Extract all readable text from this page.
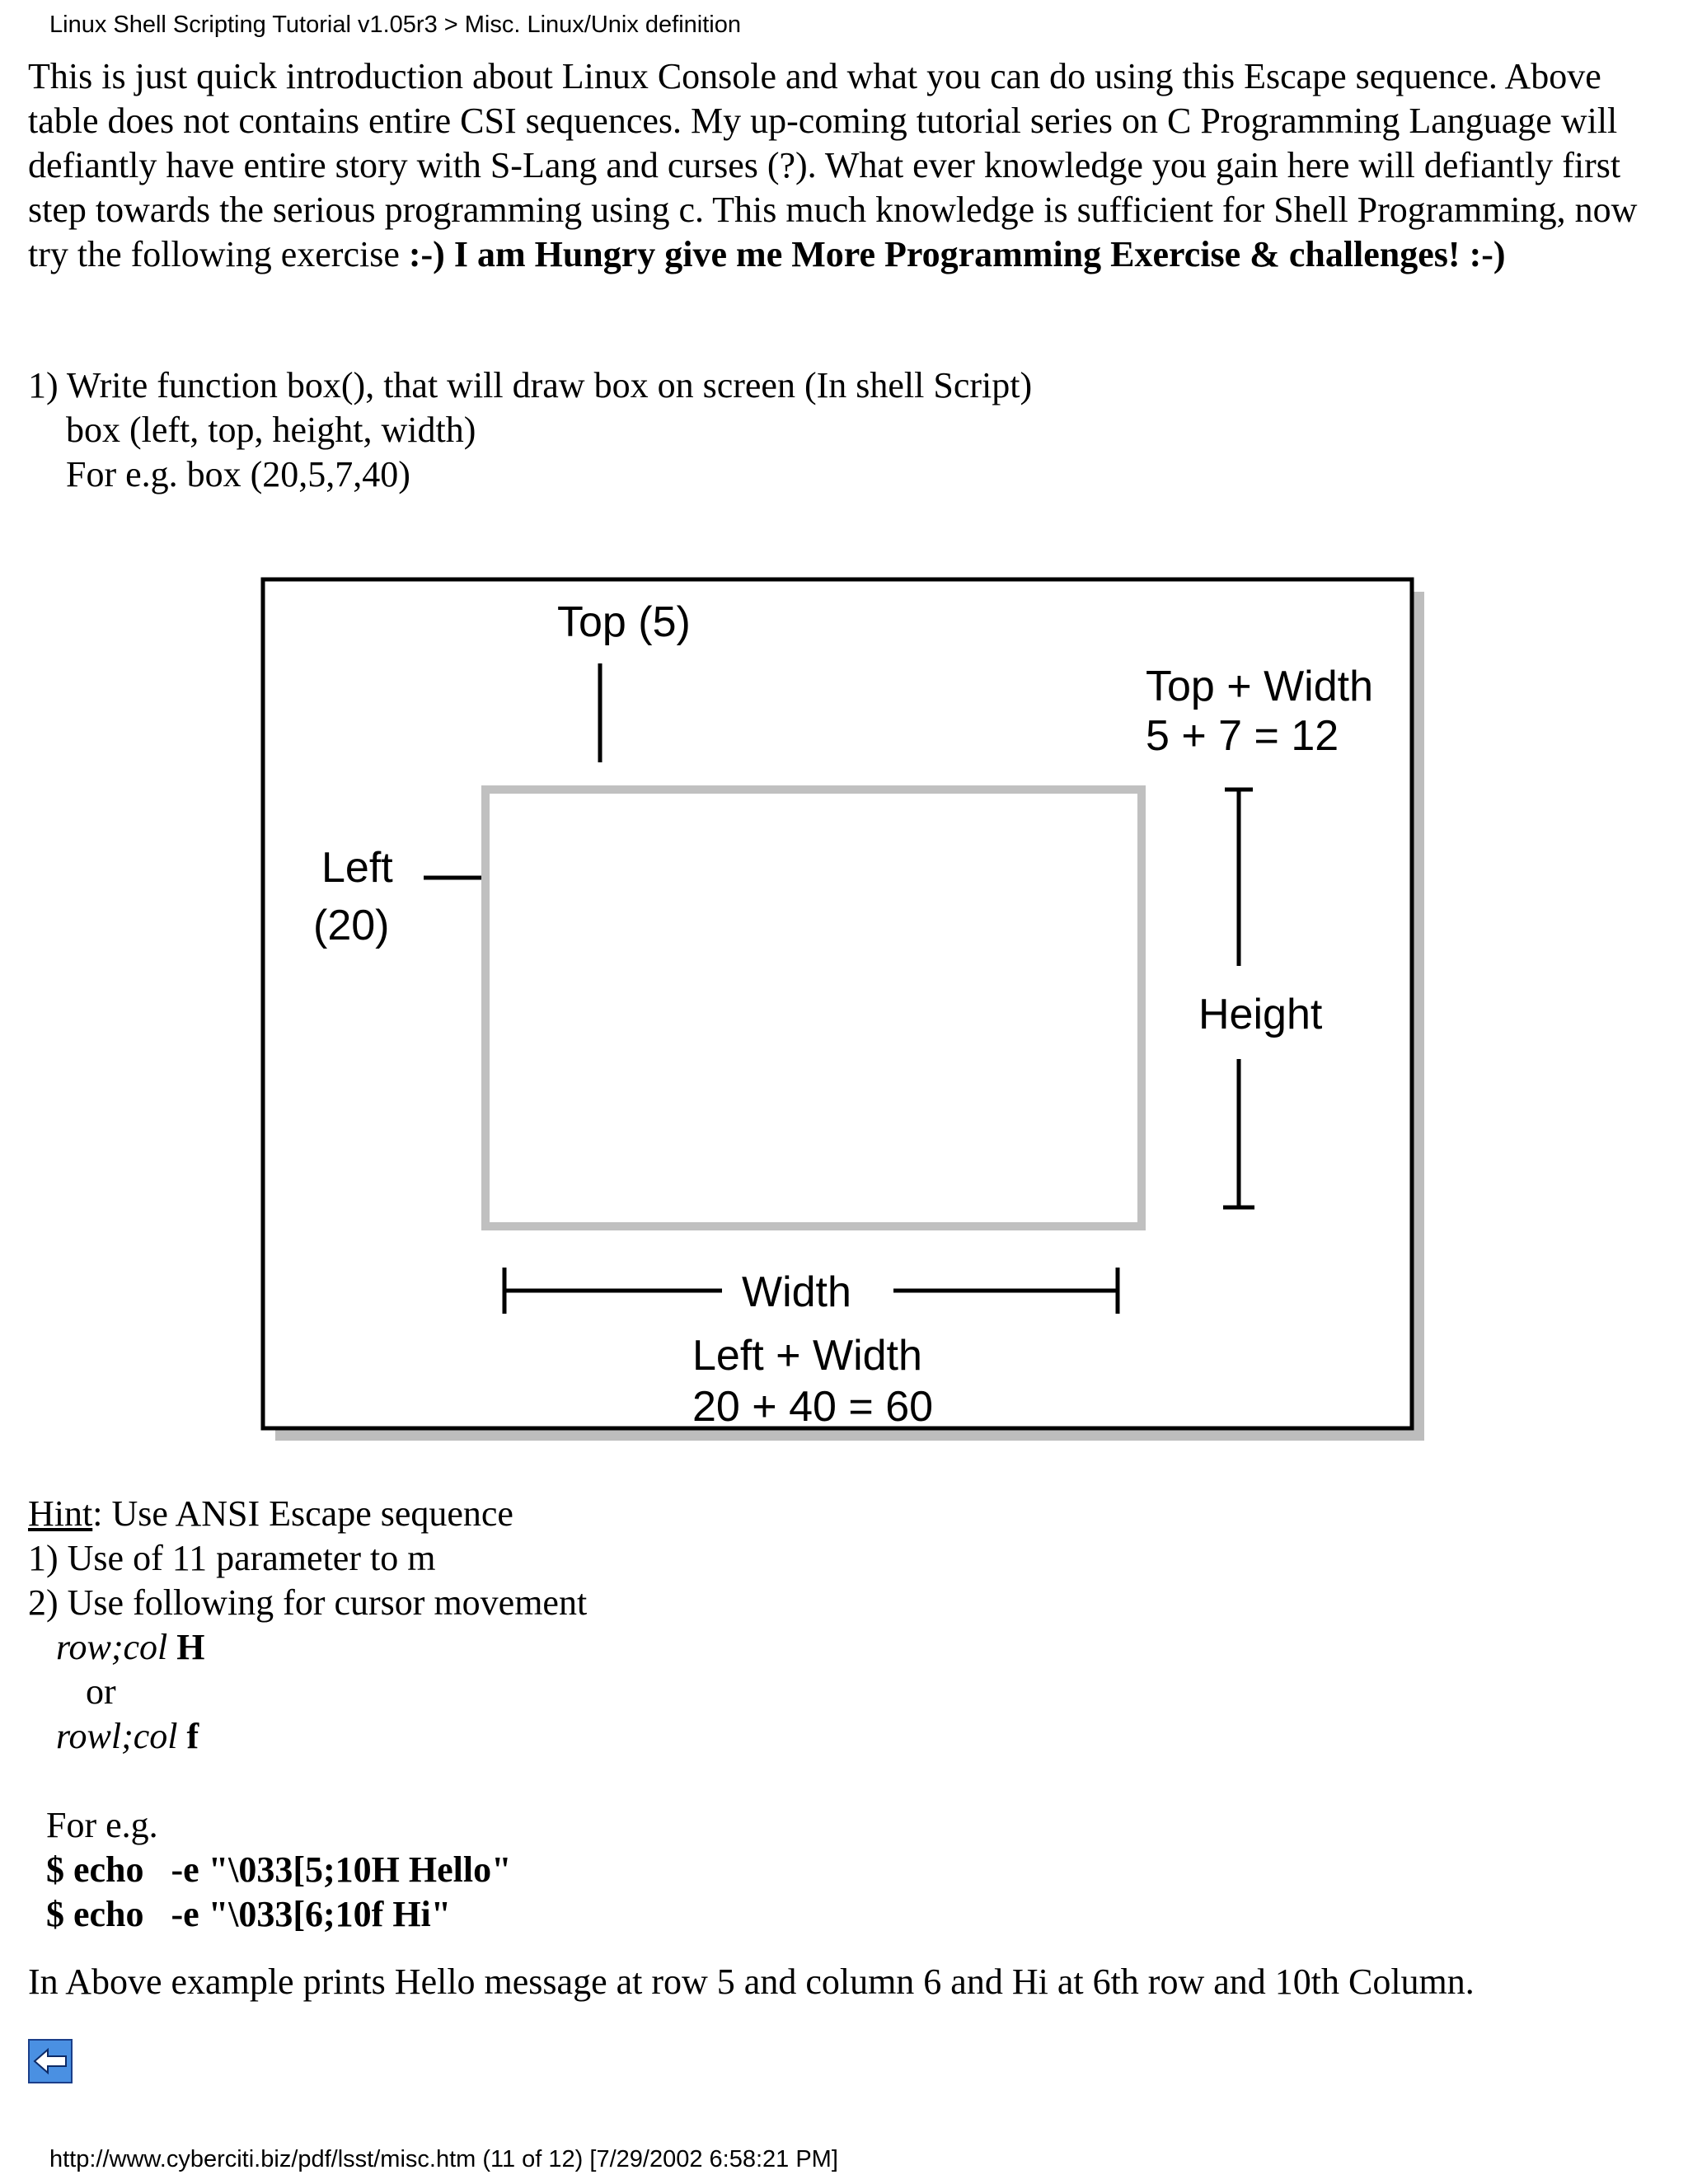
Linux Shell Scripting Tutorial v1.05r3 > Misc. Linux/Unix definition
This is just quick introduction about Linux Console and what you can do using this Escape sequence. Above table does not contains entire CSI sequences. My up-coming tutorial series on C Programming Language will defiantly have entire story with S-Lang and curses (?). What ever knowledge you gain here will defiantly first step towards the serious programming using c. This much knowledge is sufficient for Shell Programming, now try the following exercise :-) I am Hungry give me More Programming Exercise & challenges! :-)
1) Write function box(), that will draw box on screen (In shell Script)
box (left, top, height, width)
For e.g. box (20,5,7,40)
Top (5)
Top + Width
5 + 7 = 12
Left
(20)
Height
Width
Left + Width
20 + 40 = 60
Hint: Use ANSI Escape sequence
1) Use of 11 parameter to m
2) Use following for cursor movement
row;col H
or
rowl;col f
For e.g.
$ echo   -e "\033[5;10H Hello"
$ echo   -e "\033[6;10f Hi"
In Above example prints Hello message at row 5 and column 6 and Hi at 6th row and 10th Column.
http://www.cyberciti.biz/pdf/lsst/misc.htm (11 of 12) [7/29/2002 6:58:21 PM]
